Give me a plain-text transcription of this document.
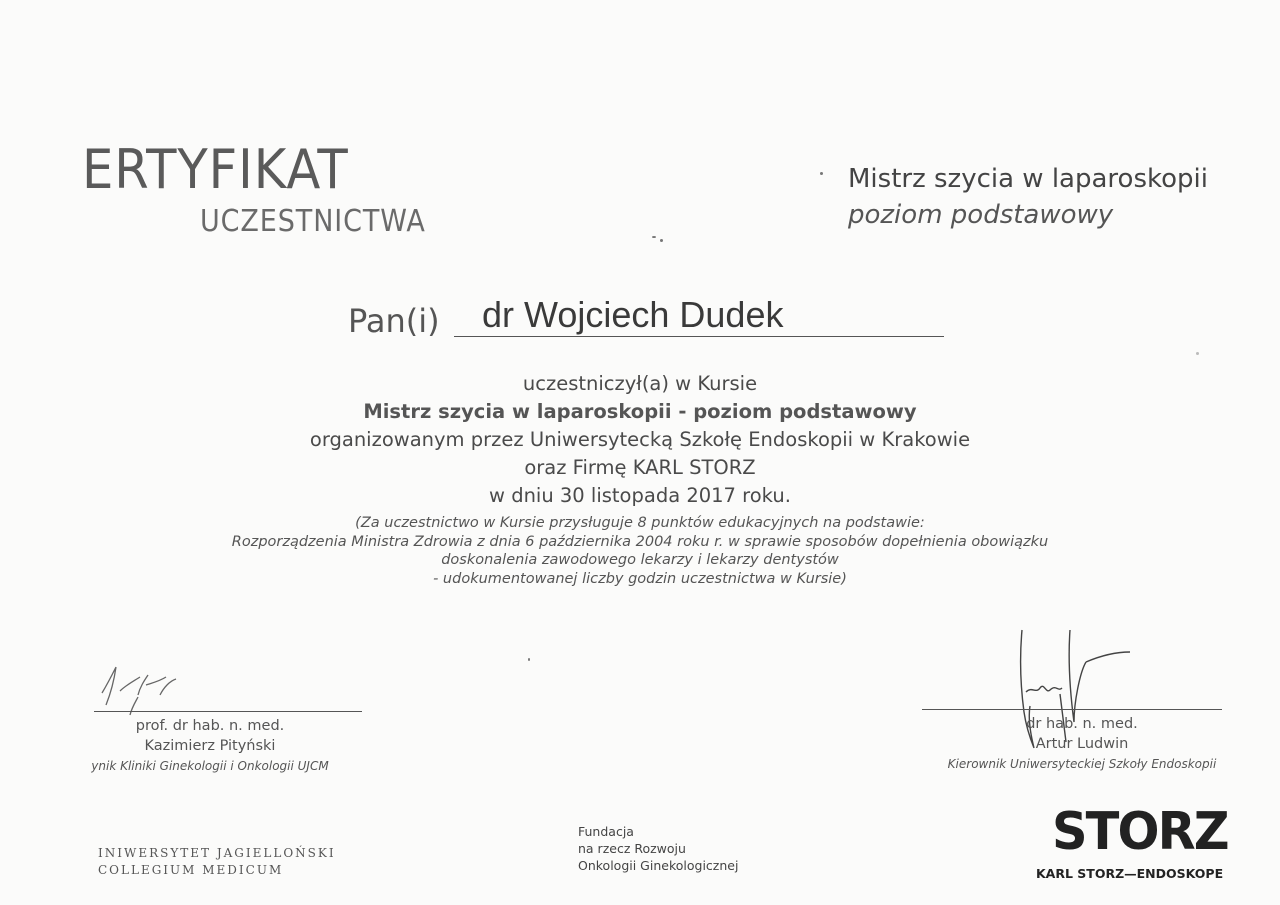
ERTYFIKAT
UCZESTNICTWA
Mistrz szycia w laparoskopii
poziom podstawowy
Pan(i) dr Wojciech Dudek
uczestniczył(a) w Kursie
Mistrz szycia w laparoskopii - poziom podstawowy
organizowanym przez Uniwersytecką Szkołę Endoskopii w Krakowie
oraz Firmę KARL STORZ
w dniu 30 listopada 2017 roku.
(Za uczestnictwo w Kursie przysługuje 8 punktów edukacyjnych na podstawie:
Rozporządzenia Ministra Zdrowia z dnia 6 października 2004 roku r. w sprawie sposobów dopełnienia obowiązku
doskonalenia zawodowego lekarzy i lekarzy dentystów
- udokumentowanej liczby godzin uczestnictwa w Kursie)
prof. dr hab. n. med.
Kazimierz Pityński
ynik Kliniki Ginekologii i Onkologii UJCM
dr hab. n. med.
Artur Ludwin
Kierownik Uniwersyteckiej Szkoły Endoskopii
INIWERSYTET JAGIELLOŃSKI
COLLEGIUM MEDICUM
Fundacja
na rzecz Rozwoju
Onkologii Ginekologicznej
STORZ
KARL STORZ—ENDOSKOPE
